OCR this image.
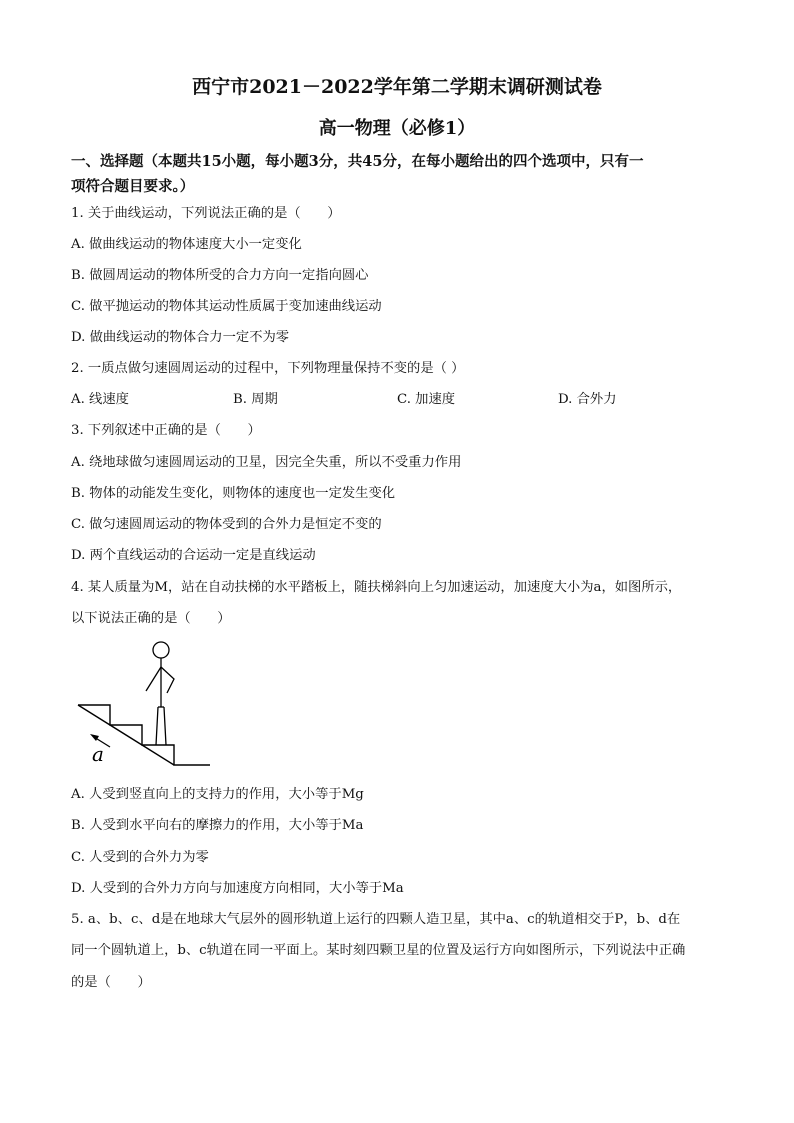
西宁市2021－2022学年第二学期末调研测试卷
高一物理（必修1）
一、选择题（本题共15小题，每小题3分，共45分，在每小题给出的四个选项中，只有一
项符合题目要求。）
1. 关于曲线运动，下列说法正确的是（　　）
A. 做曲线运动的物体速度大小一定变化
B. 做圆周运动的物体所受的合力方向一定指向圆心
C. 做平抛运动的物体其运动性质属于变加速曲线运动
D. 做曲线运动的物体合力一定不为零
2. 一质点做匀速圆周运动的过程中，下列物理量保持不变的是（ ）
A. 线速度	B. 周期	C. 加速度	D. 合外力
3. 下列叙述中正确的是（　　）
A. 绕地球做匀速圆周运动的卫星，因完全失重，所以不受重力作用
B. 物体的动能发生变化，则物体的速度也一定发生变化
C. 做匀速圆周运动的物体受到的合外力是恒定不变的
D. 两个直线运动的合运动一定是直线运动
4. 某人质量为M，站在自动扶梯的水平踏板上，随扶梯斜向上匀加速运动，加速度大小为a，如图所示，
以下说法正确的是（　　）
a
A. 人受到竖直向上的支持力的作用，大小等于Mg
B. 人受到水平向右的摩擦力的作用，大小等于Ma
C. 人受到的合外力为零
D. 人受到的合外力方向与加速度方向相同，大小等于Ma
5. a、b、c、d是在地球大气层外的圆形轨道上运行的四颗人造卫星，其中a、c的轨道相交于P，b、d在
同一个圆轨道上，b、c轨道在同一平面上。某时刻四颗卫星的位置及运行方向如图所示，下列说法中正确
的是（　　）
